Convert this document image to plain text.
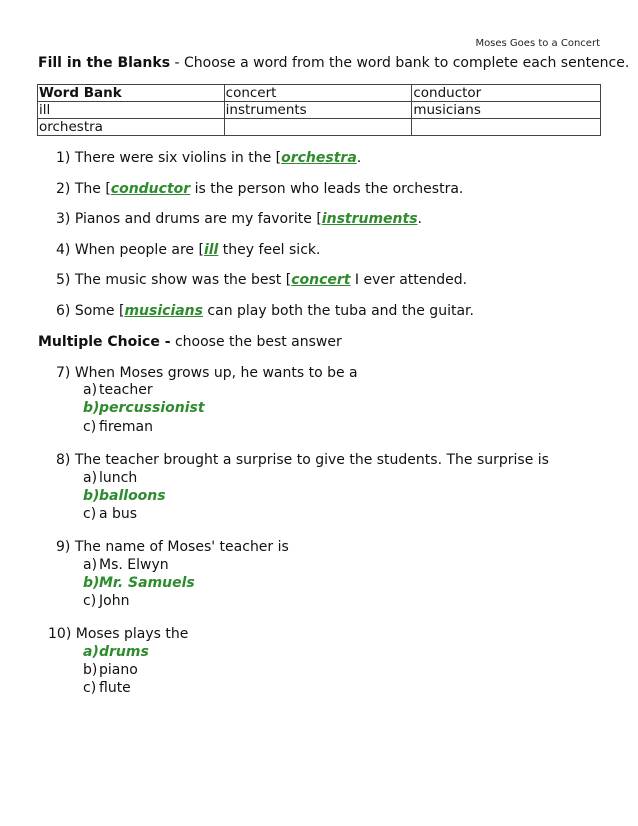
Moses Goes to a Concert
Fill in the Blanks - Choose a word from the word bank to complete each sentence.
Word Bank	concert	conductor
ill	instruments	musicians
orchestra		
1) There were six violins in the [orchestra.
2) The [conductor is the person who leads the orchestra.
3) Pianos and drums are my favorite [instruments.
4) When people are [ill they feel sick.
5) The music show was the best [concert I ever attended.
6) Some [musicians can play both the tuba and the guitar.
Multiple Choice - choose the best answer
7) When Moses grows up, he wants to be a
a) teacher
b)percussionist
c) fireman
8) The teacher brought a surprise to give the students. The surprise is
a) lunch
b)balloons
c) a bus
9) The name of Moses' teacher is
a) Ms. Elwyn
b)Mr. Samuels
c) John
10) Moses plays the
a)drums
b) piano
c) flute
